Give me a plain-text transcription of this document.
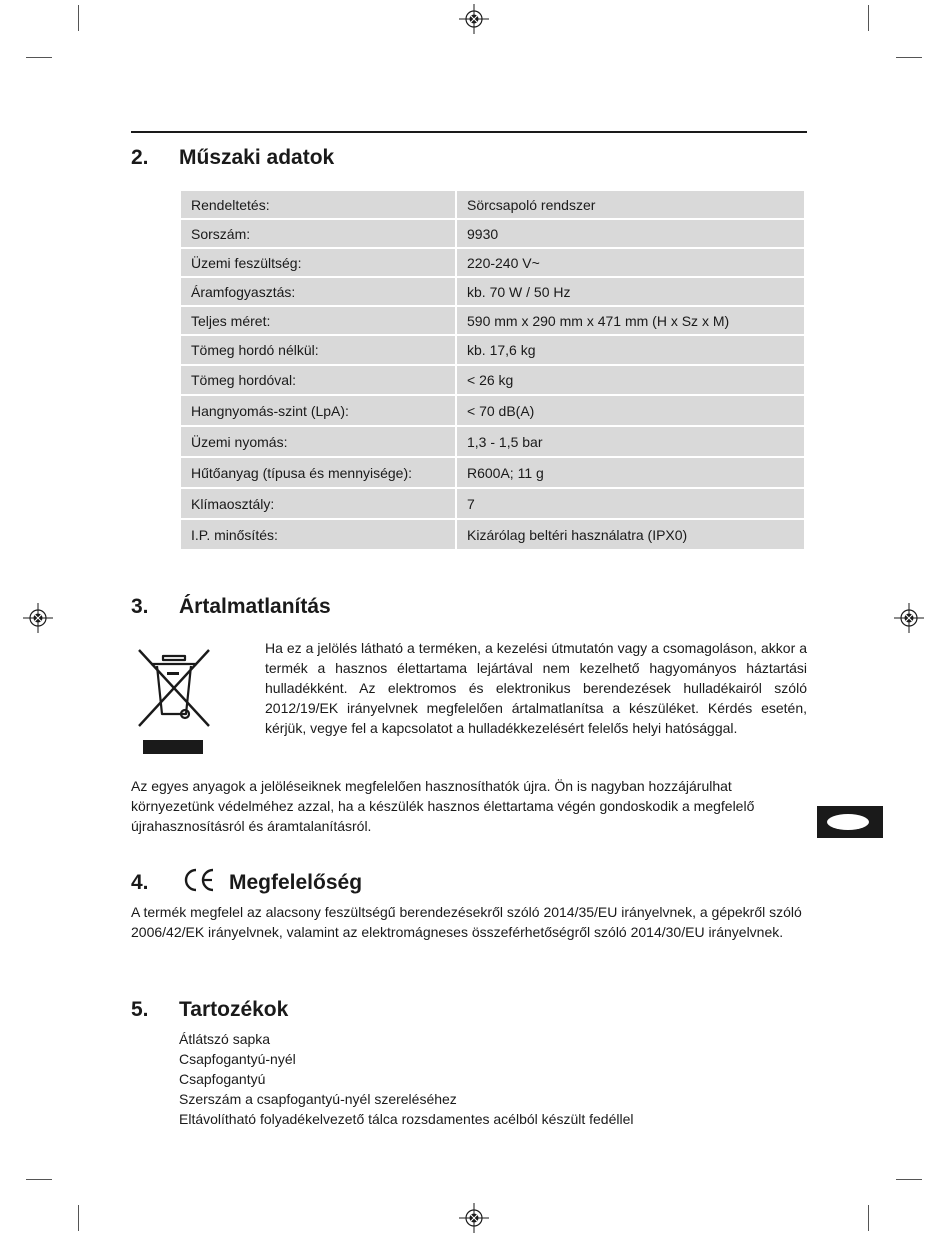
2. Műszaki adatok
Rendeltetés:	Sörcsapoló rendszer
Sorszám:	9930
Üzemi feszültség:	220-240 V~
Áramfogyasztás:	kb. 70 W / 50 Hz
Teljes méret:	590 mm x 290 mm x 471 mm (H x Sz x M)
Tömeg hordó nélkül:	kb. 17,6 kg
Tömeg hordóval:	< 26 kg
Hangnyomás-szint (LpA):	< 70 dB(A)
Üzemi nyomás:	1,3 - 1,5 bar
Hűtőanyag (típusa és mennyisége):	R600A; 11 g
Klímaosztály:	7
I.P. minősítés:	Kizárólag beltéri használatra (IPX0)
3. Ártalmatlanítás

Ha ez a jelölés látható a terméken, a kezelési útmutatón vagy a csomagoláson, akkor a termék a hasznos élettartama lejártával nem kezelhető hagyományos háztartási hulladékként. Az elektromos és elektronikus berendezések hulladékairól szóló 2012/19/EK irányelvnek megfelelően ártalmatlanítsa a készüléket. Kérdés esetén, kérjük, vegye fel a kapcsolatot a hulladékkezelésért felelős helyi hatósággal.

Az egyes anyagok a jelöléseiknek megfelelően hasznosíthatók újra. Ön is nagyban hozzájárulhat környezetünk védelméhez azzal, ha a készülék hasznos élettartama végén gondoskodik a megfelelő újrahasznosításról és áramtalanításról.

4.	Megfelelőség

A termék megfelel az alacsony feszültségű berendezésekről szóló 2014/35/EU irányelvnek, a gépekről szóló 2006/42/EK irányelvnek, valamint az elektromágneses összeférhetőségről szóló 2014/30/EU irányelvnek.

5. Tartozékok
Átlátszó sapka
Csapfogantyú-nyél
Csapfogantyú
Szerszám a csapfogantyú-nyél szereléséhez
Eltávolítható folyadékelvezető tálca rozsdamentes acélból készült fedéllel
